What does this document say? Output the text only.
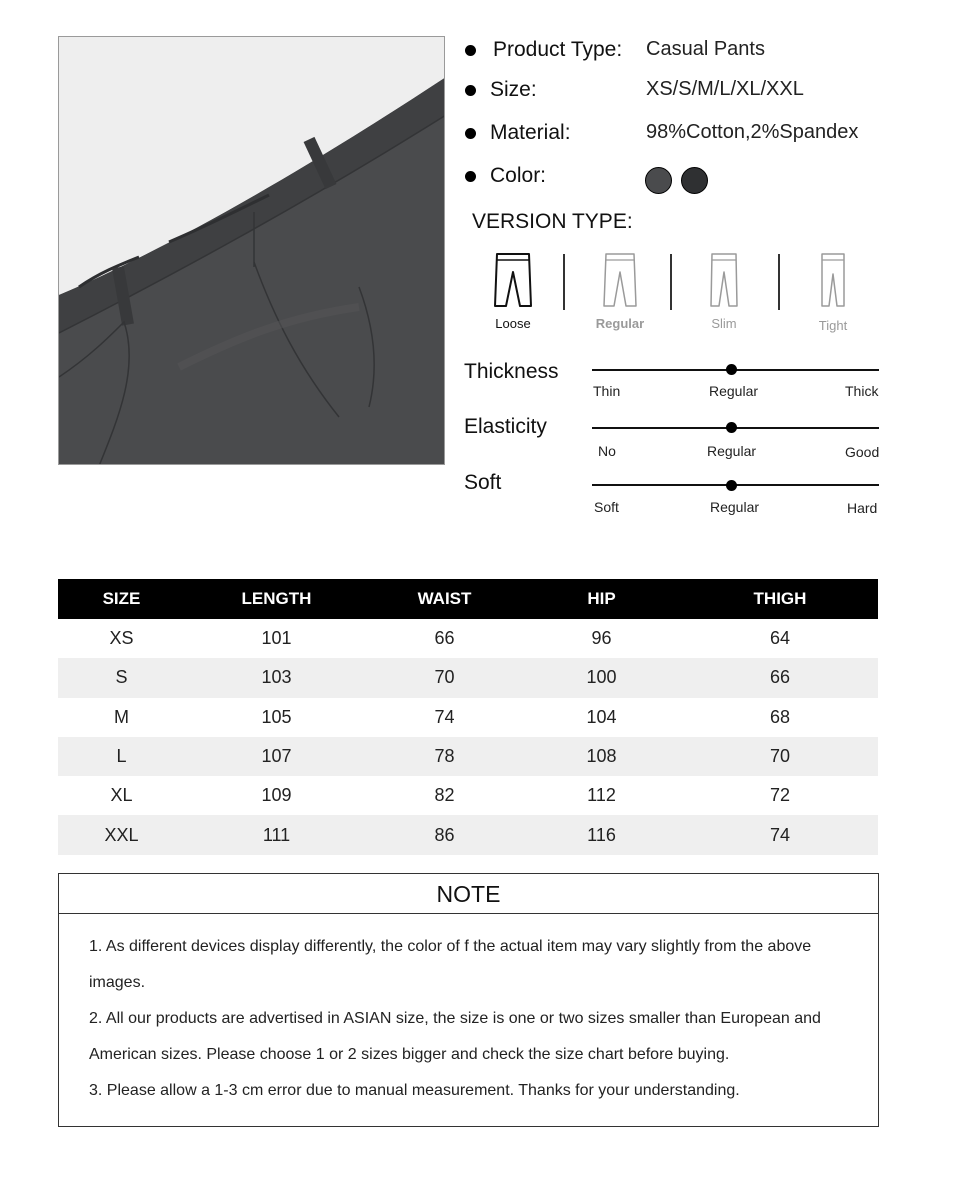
Product Type: Casual Pants
Size:	XS/S/M/L/XL/XXL
Material:	98%Cotton,2%Spandex
Color:
VERSION TYPE:
Loose	Regular	Slim	Tight
Thickness
Thin	Regular	Thick
Elasticity
No	Regular	Good
Soft
Soft	Regular	Hard
SIZE	LENGTH	WAIST	HIP	THIGH
XS	101	66	96	64
S	103	70	100	66
M	105	74	104	68
L	107	78	108	70
XL	109	82	112	72
XXL	111	86	116	74
NOTE

1. As different devices display differently, the color of f the actual item may vary slightly from the above images.

2. All our products are advertised in ASIAN size, the size is one or two sizes smaller than European and American sizes. Please choose 1 or 2 sizes bigger and check the size chart before buying.

3. Please allow a 1-3 cm error due to manual measurement. Thanks for your understanding.
